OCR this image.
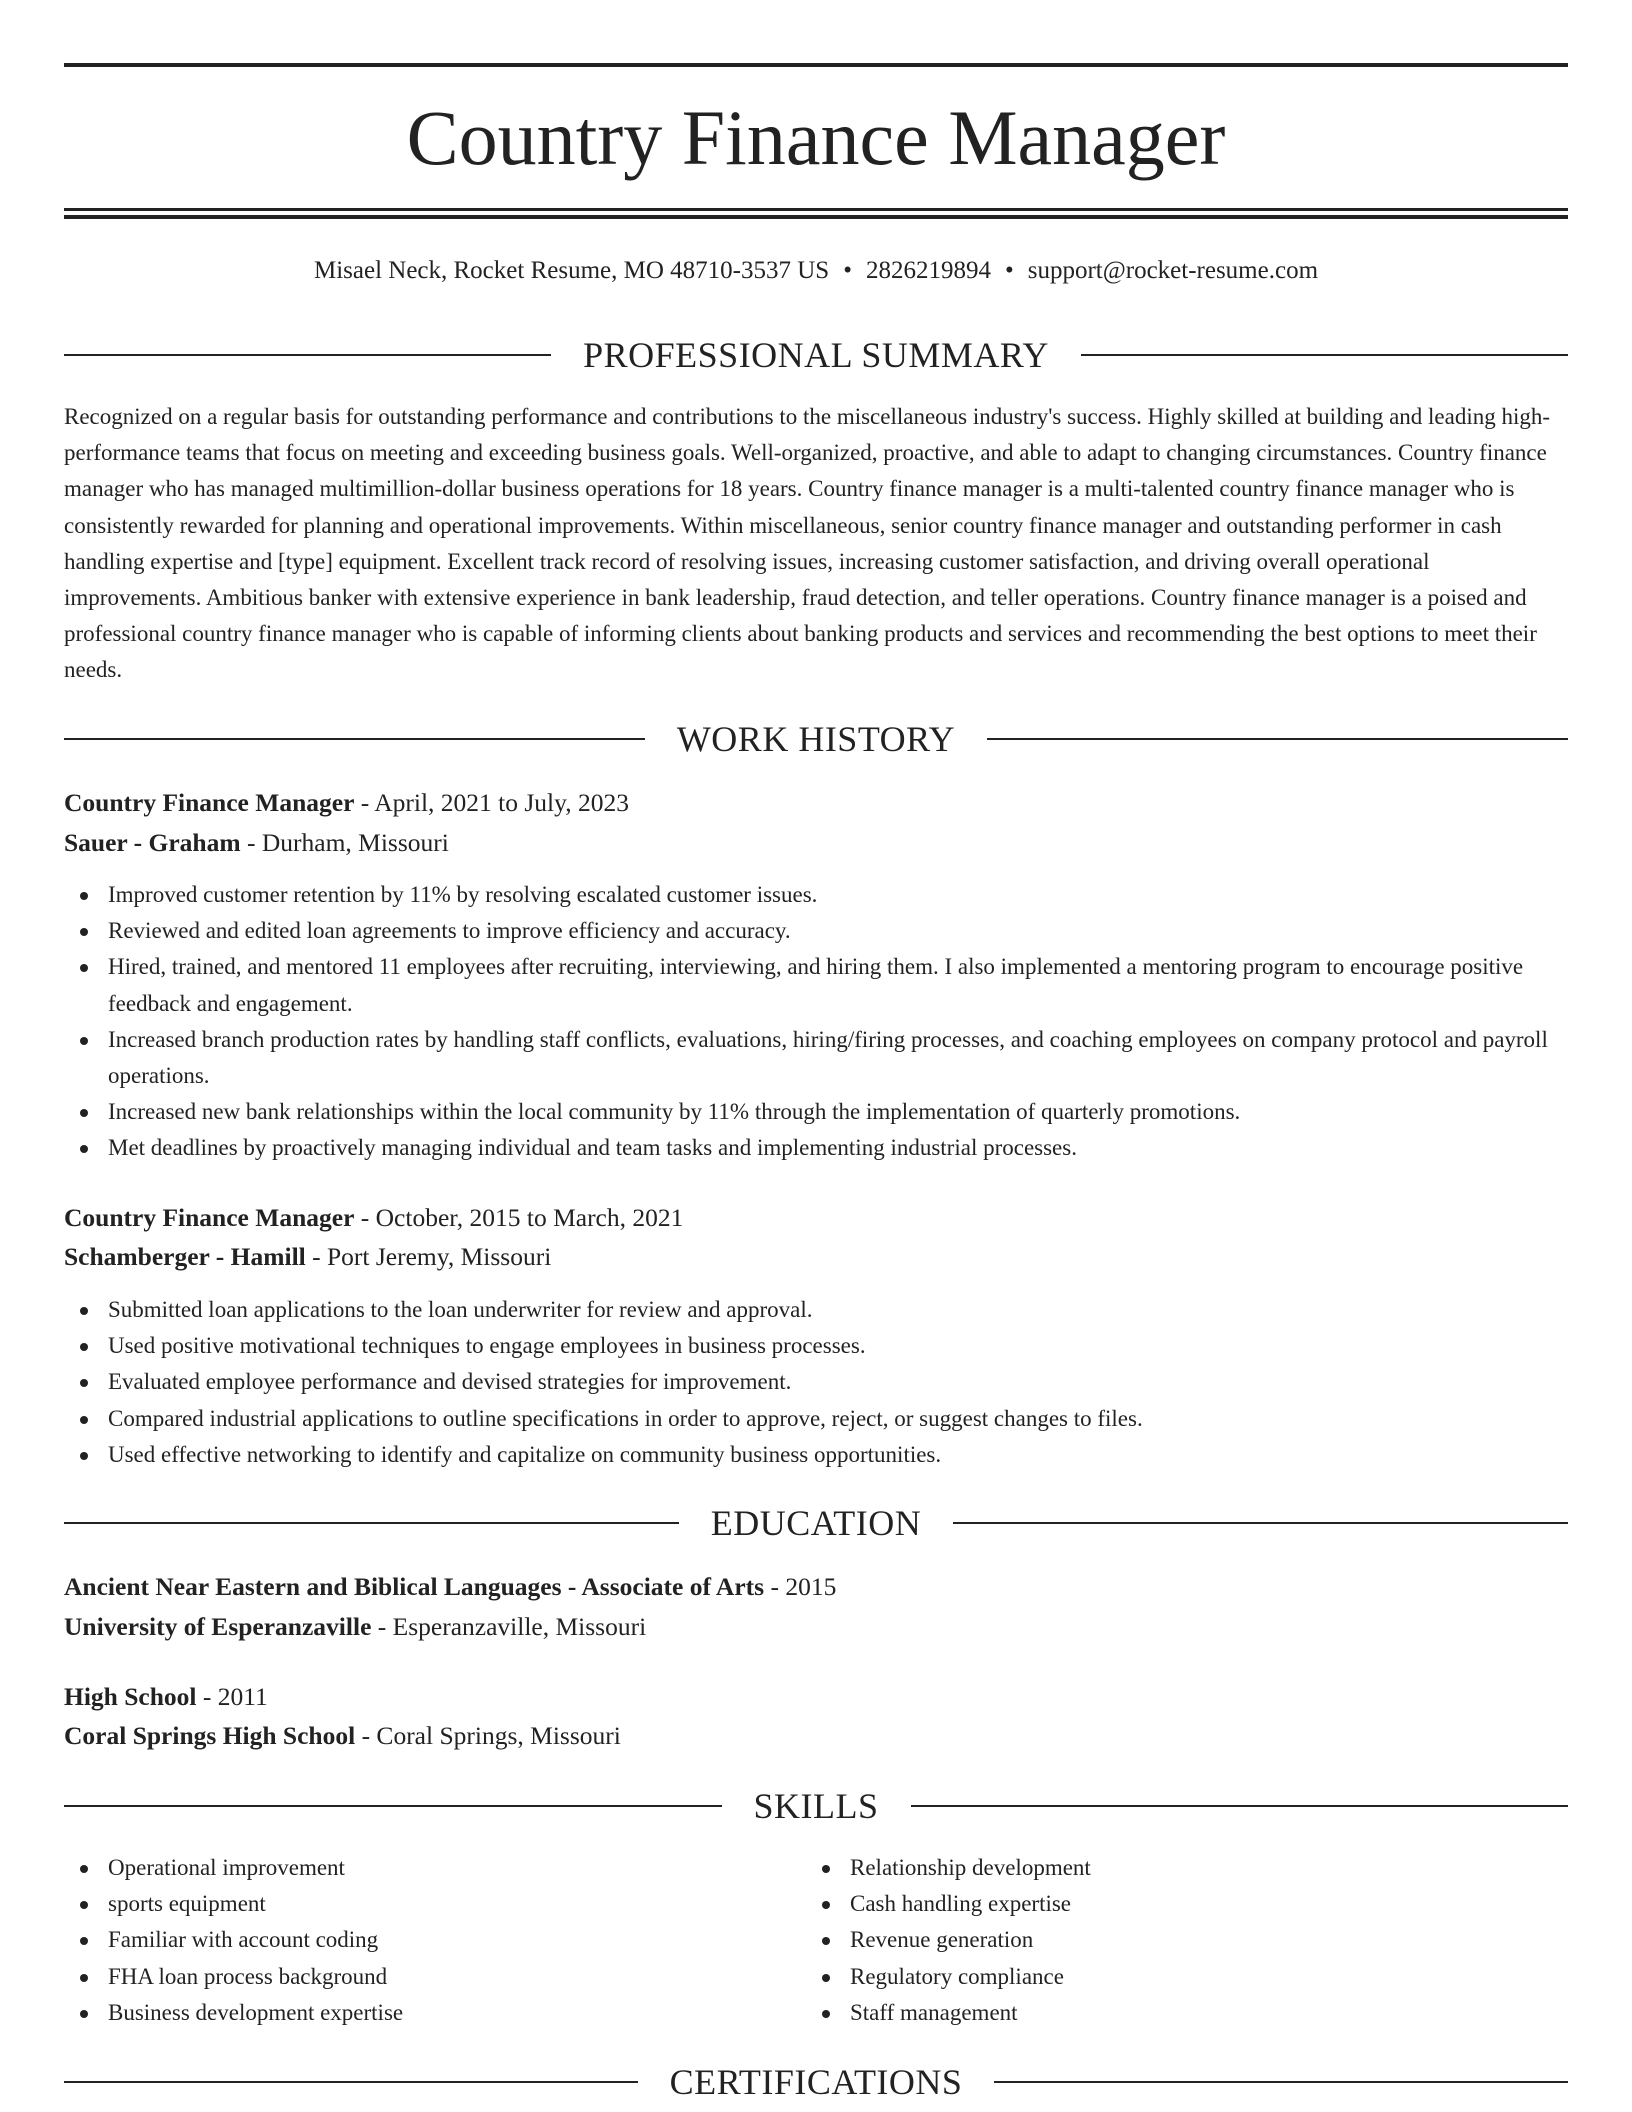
Country Finance Manager
Misael Neck, Rocket Resume, MO 48710-3537 US • 2826219894 • support@rocket-resume.com
PROFESSIONAL SUMMARY

Recognized on a regular basis for outstanding performance and contributions to the miscellaneous industry's success. Highly skilled at building and leading high-performance teams that focus on meeting and exceeding business goals. Well-organized, proactive, and able to adapt to changing circumstances. Country finance manager who has managed multimillion-dollar business operations for 18 years. Country finance manager is a multi-talented country finance manager who is consistently rewarded for planning and operational improvements. Within miscellaneous, senior country finance manager and outstanding performer in cash handling expertise and [type] equipment. Excellent track record of resolving issues, increasing customer satisfaction, and driving overall operational improvements. Ambitious banker with extensive experience in bank leadership, fraud detection, and teller operations. Country finance manager is a poised and professional country finance manager who is capable of informing clients about banking products and services and recommending the best options to meet their needs.

WORK HISTORY
Country Finance Manager - April, 2021 to July, 2023
Sauer - Graham - Durham, Missouri
Improved customer retention by 11% by resolving escalated customer issues.
Reviewed and edited loan agreements to improve efficiency and accuracy.
Hired, trained, and mentored 11 employees after recruiting, interviewing, and hiring them. I also implemented a mentoring program to encourage positive feedback and engagement.
Increased branch production rates by handling staff conflicts, evaluations, hiring/firing processes, and coaching employees on company protocol and payroll operations.
Increased new bank relationships within the local community by 11% through the implementation of quarterly promotions.
Met deadlines by proactively managing individual and team tasks and implementing industrial processes.
Country Finance Manager - October, 2015 to March, 2021
Schamberger - Hamill - Port Jeremy, Missouri
Submitted loan applications to the loan underwriter for review and approval.
Used positive motivational techniques to engage employees in business processes.
Evaluated employee performance and devised strategies for improvement.
Compared industrial applications to outline specifications in order to approve, reject, or suggest changes to files.
Used effective networking to identify and capitalize on community business opportunities.
EDUCATION
Ancient Near Eastern and Biblical Languages - Associate of Arts - 2015
University of Esperanzaville - Esperanzaville, Missouri
High School - 2011
Coral Springs High School - Coral Springs, Missouri
SKILLS
Operational improvement
sports equipment
Familiar with account coding
FHA loan process background
Business development expertise
Relationship development
Cash handling expertise
Revenue generation
Regulatory compliance
Staff management
CERTIFICATIONS
